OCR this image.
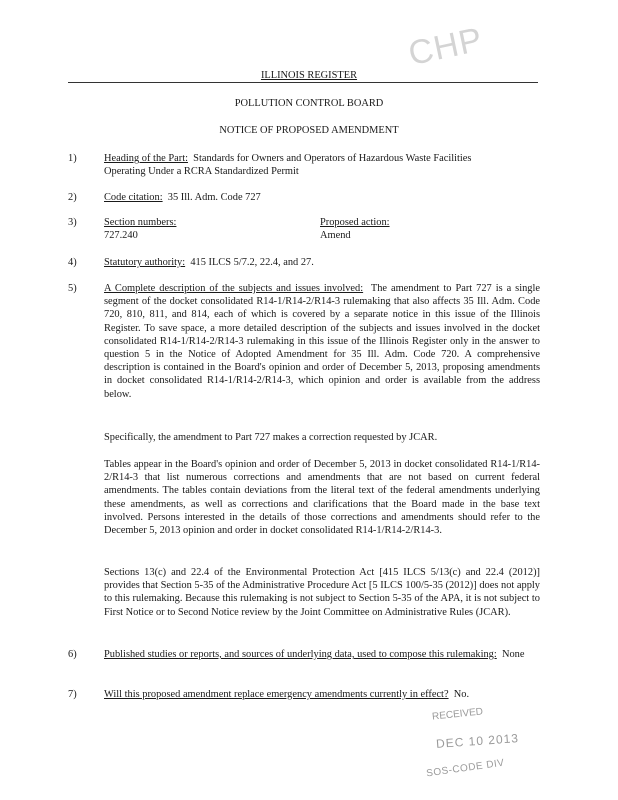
CHP
ILLINOIS REGISTER
POLLUTION CONTROL BOARD
NOTICE OF PROPOSED AMENDMENT
1)	Heading of the Part: Standards for Owners and Operators of Hazardous Waste Facilities
Operating Under a RCRA Standardized Permit
2)	Code citation: 35 Ill. Adm. Code 727
3)	Section numbers:
727.240
Proposed action:
Amend
4)	Statutory authority: 415 ILCS 5/7.2, 22.4, and 27.
5)	A Complete description of the subjects and issues involved: The amendment to Part 727 is a single segment of the docket consolidated R14-1/R14-2/R14-3 rulemaking that also affects 35 Ill. Adm. Code 720, 810, 811, and 814, each of which is covered by a separate notice in this issue of the Illinois Register. To save space, a more detailed description of the subjects and issues involved in the docket consolidated R14-1/R14-2/R14-3 rulemaking in this issue of the Illinois Register only in the answer to question 5 in the Notice of Adopted Amendment for 35 Ill. Adm. Code 720. A comprehensive description is contained in the Board's opinion and order of December 5, 2013, proposing amendments in docket consolidated R14-1/R14-2/R14-3, which opinion and order is available from the address below.
Specifically, the amendment to Part 727 makes a correction requested by JCAR.
Tables appear in the Board's opinion and order of December 5, 2013 in docket consolidated R14-1/R14-2/R14-3 that list numerous corrections and amendments that are not based on current federal amendments. The tables contain deviations from the literal text of the federal amendments underlying these amendments, as well as corrections and clarifications that the Board made in the base text involved. Persons interested in the details of those corrections and amendments should refer to the December 5, 2013 opinion and order in docket consolidated R14-1/R14-2/R14-3.
Sections 13(c) and 22.4 of the Environmental Protection Act [415 ILCS 5/13(c) and 22.4 (2012)] provides that Section 5-35 of the Administrative Procedure Act [5 ILCS 100/5-35 (2012)] does not apply to this rulemaking. Because this rulemaking is not subject to Section 5-35 of the APA, it is not subject to First Notice or to Second Notice review by the Joint Committee on Administrative Rules (JCAR).
6)	Published studies or reports, and sources of underlying data, used to compose this rulemaking: None
7)	Will this proposed amendment replace emergency amendments currently in effect? No.
RECEIVED
DEC 10 2013
SOS-CODE DIV
